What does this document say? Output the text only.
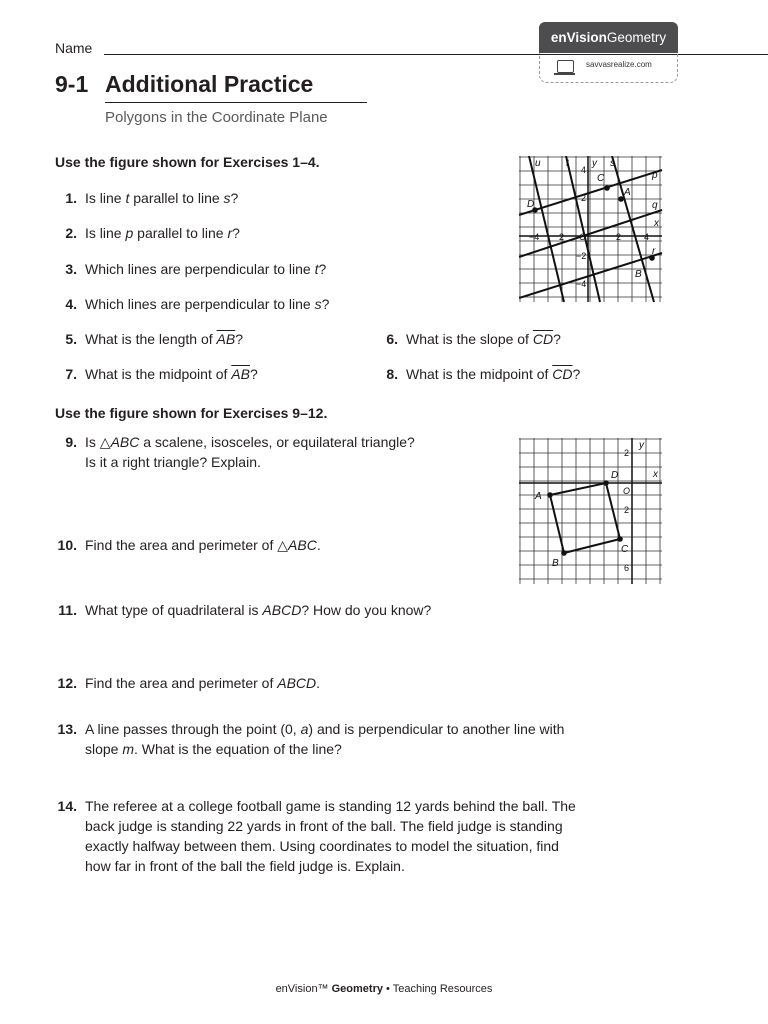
Name
enVisionGeometry
savvasrealize.com
9-1 Additional Practice
Polygons in the Coordinate Plane
Use the figure shown for Exercises 1–4.
1. Is line t parallel to line s?
2. Is line p parallel to line r?
3. Which lines are perpendicular to line t?
4. Which lines are perpendicular to line s?
5. What is the length of $\overline{AB}$?	6. What is the slope of $\overline{CD}$?
7. What is the midpoint of $\overline{AB}$?	8. What is the midpoint of $\overline{CD}$?
Use the figure shown for Exercises 9–12.
9. Is △ABC a scalene, isosceles, or equilateral triangle?
Is it a right triangle? Explain.
10. Find the area and perimeter of △ABC.
11. What type of quadrilateral is ABCD? How do you know?
12. Find the area and perimeter of ABCD.
13. A line passes through the point (0, a) and is perpendicular to another line with
slope m. What is the equation of the line?
14. The referee at a college football game is standing 12 yards behind the ball. The
back judge is standing 22 yards in front of the ball. The field judge is standing
exactly halfway between them. Using coordinates to model the situation, find
how far in front of the ball the field judge is. Explain.
u	t y s
p
q
x
r
C
A
D
B
−4 2 O	2	4
4
2
−2
−4
y
x
A
B
C
D
2
O
2
6
enVision™ Geometry • Teaching Resources
